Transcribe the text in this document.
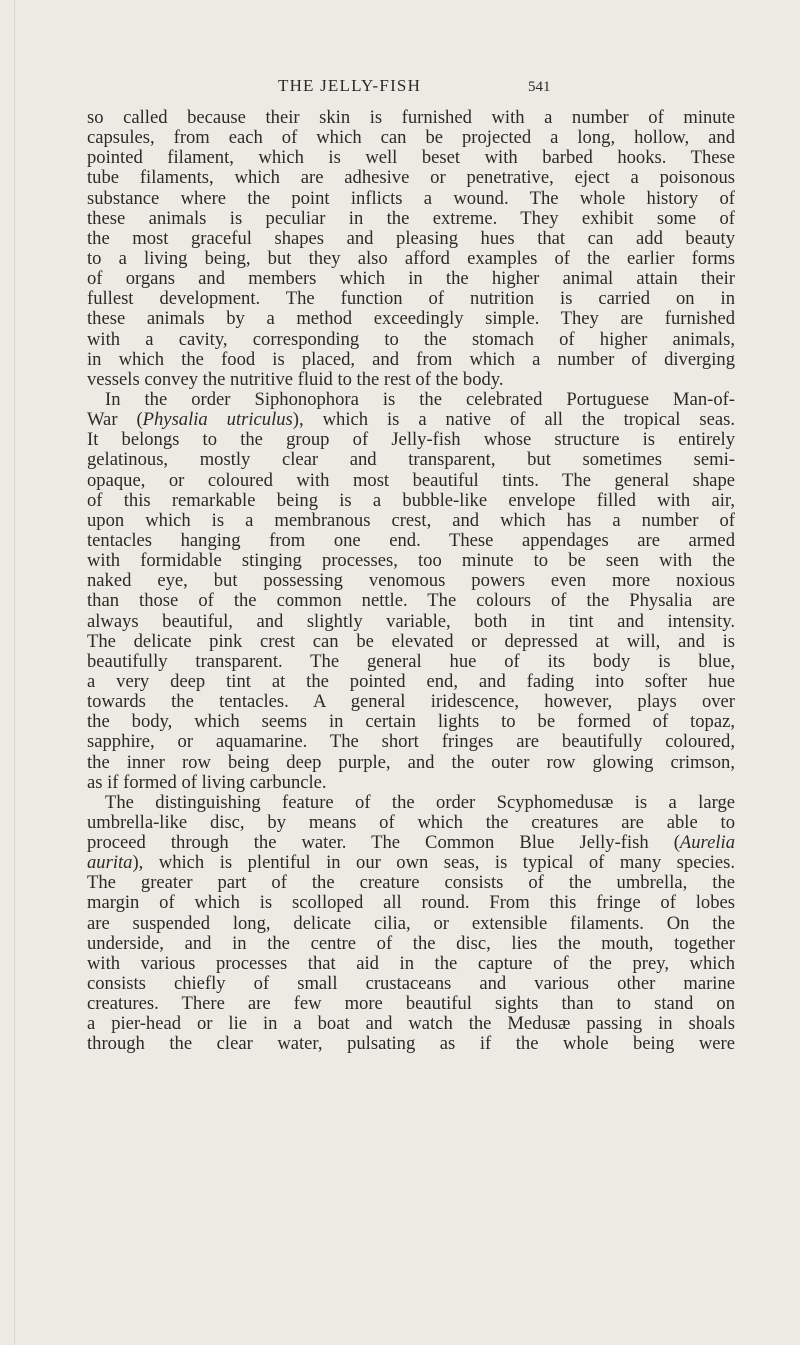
THE JELLY-FISH	541
so called because their skin is furnished with a number of minute
capsules, from each of which can be projected a long, hollow, and
pointed filament, which is well beset with barbed hooks. These
tube filaments, which are adhesive or penetrative, eject a poisonous
substance where the point inflicts a wound. The whole history of
these animals is peculiar in the extreme. They exhibit some of
the most graceful shapes and pleasing hues that can add beauty
to a living being, but they also afford examples of the earlier forms
of organs and members which in the higher animal attain their
fullest development. The function of nutrition is carried on in
these animals by a method exceedingly simple. They are furnished
with a cavity, corresponding to the stomach of higher animals,
in which the food is placed, and from which a number of diverging
vessels convey the nutritive fluid to the rest of the body.
In the order Siphonophora is the celebrated Portuguese Man-of-
War (Physalia utriculus), which is a native of all the tropical seas.
It belongs to the group of Jelly-fish whose structure is entirely
gelatinous, mostly clear and transparent, but sometimes semi-
opaque, or coloured with most beautiful tints. The general shape
of this remarkable being is a bubble-like envelope filled with air,
upon which is a membranous crest, and which has a number of
tentacles hanging from one end. These appendages are armed
with formidable stinging processes, too minute to be seen with the
naked eye, but possessing venomous powers even more noxious
than those of the common nettle. The colours of the Physalia are
always beautiful, and slightly variable, both in tint and intensity.
The delicate pink crest can be elevated or depressed at will, and is
beautifully transparent. The general hue of its body is blue,
a very deep tint at the pointed end, and fading into softer hue
towards the tentacles. A general iridescence, however, plays over
the body, which seems in certain lights to be formed of topaz,
sapphire, or aquamarine. The short fringes are beautifully coloured,
the inner row being deep purple, and the outer row glowing crimson,
as if formed of living carbuncle.
The distinguishing feature of the order Scyphomedusæ is a large
umbrella-like disc, by means of which the creatures are able to
proceed through the water. The Common Blue Jelly-fish (Aurelia
aurita), which is plentiful in our own seas, is typical of many species.
The greater part of the creature consists of the umbrella, the
margin of which is scolloped all round. From this fringe of lobes
are suspended long, delicate cilia, or extensible filaments. On the
underside, and in the centre of the disc, lies the mouth, together
with various processes that aid in the capture of the prey, which
consists chiefly of small crustaceans and various other marine
creatures. There are few more beautiful sights than to stand on
a pier-head or lie in a boat and watch the Medusæ passing in shoals
through the clear water, pulsating as if the whole being were
